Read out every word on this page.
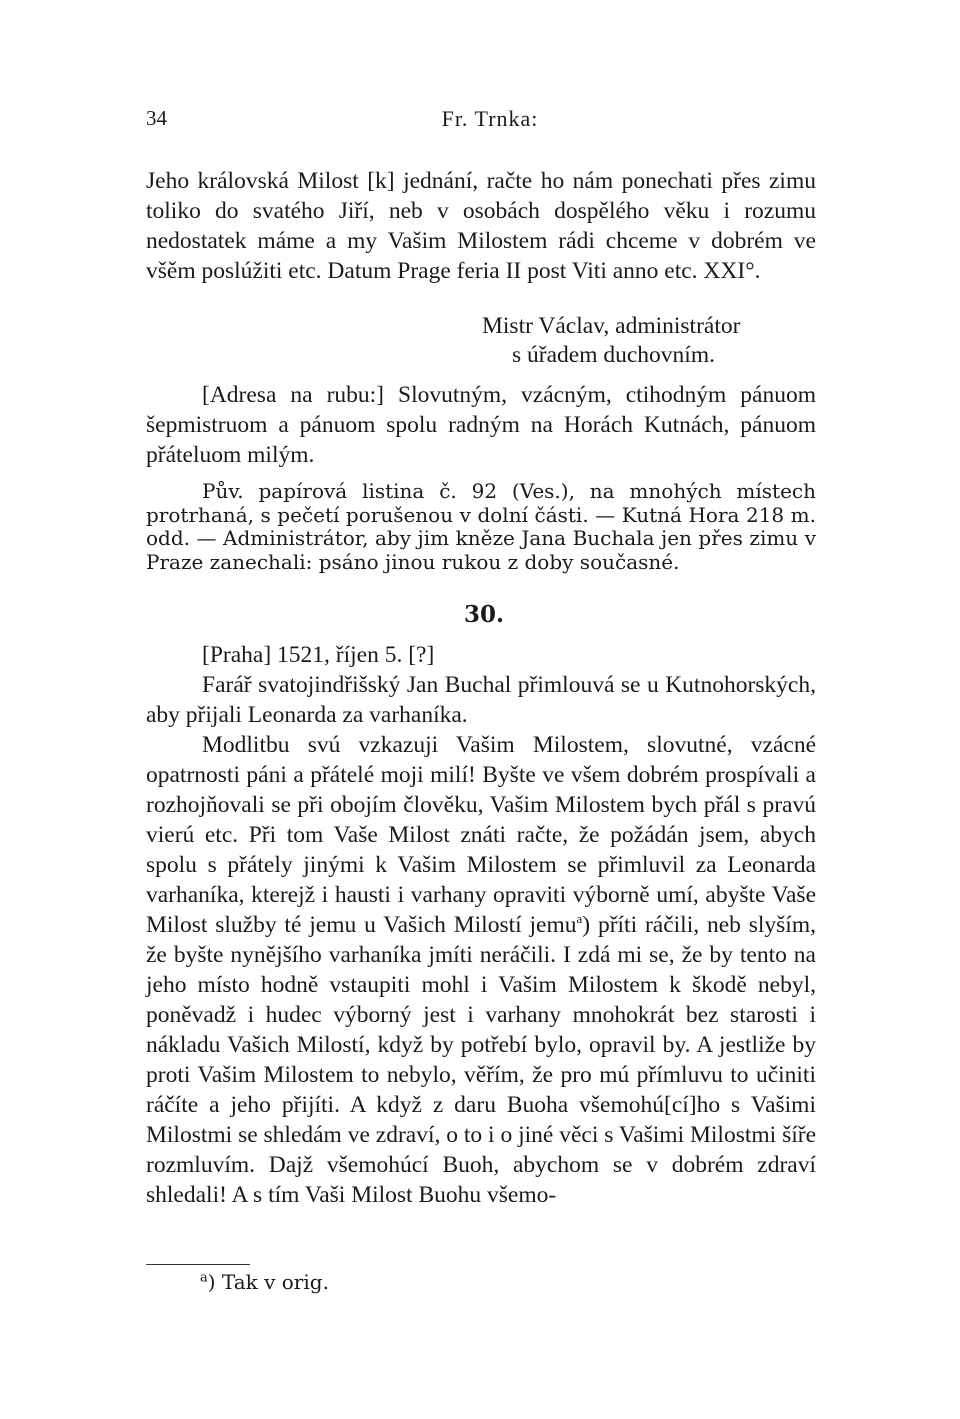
34	Fr. Trnka:

Jeho královská Milost [k] jednání, račte ho nám ponechati přes zimu toliko do svatého Jiří, neb v osobách dospělého věku i rozumu nedostatek máme a my Vašim Milostem rádi chceme v dobrém ve všěm poslúžiti etc. Datum Prage feria II post Viti anno etc. XXI°.

Mistr Václav, administrátor
s úřadem duchovním.

[Adresa na rubu:] Slovutným, vzácným, ctihodným pánuom šepmistruom a pánuom spolu radným na Horách Kutnách, pánuom přáteluom milým.

Pův. papírová listina č. 92 (Ves.), na mnohých místech protrhaná, s pečetí porušenou v dolní části. — Kutná Hora 218 m. odd. — Administrátor, aby jim kněze Jana Buchala jen přes zimu v Praze zanechali: psáno jinou rukou z doby současné.

30.

[Praha] 1521, říjen 5. [?]

Farář svatojindřišský Jan Buchal přimlouvá se u Kutnohorských, aby přijali Leonarda za varhaníka.

Modlitbu svú vzkazuji Vašim Milostem, slovutné, vzácné opatrnosti páni a přátelé moji milí! Byšte ve všem dobrém prospívali a rozhojňovali se při obojím člověku, Vašim Milostem bych přál s pravú vierú etc. Při tom Vaše Milost znáti račte, že požádán jsem, abych spolu s přátely jinými k Vašim Milostem se přimluvil za Leonarda varhaníka, kterejž i hausti i varhany opraviti výborně umí, abyšte Vaše Milost služby té jemu u Vašich Milostí jemu$^a$) příti ráčili, neb slyším, že byšte nynějšího varhaníka jmíti neráčili. I zdá mi se, že by tento na jeho místo hodně vstaupiti mohl i Vašim Milostem k škodě nebyl, poněvadž i hudec výborný jest i varhany mnohokrát bez starosti i nákladu Vašich Milostí, když by potřebí bylo, opravil by. A jestliže by proti Vašim Milostem to nebylo, věřím, že pro mú přímluvu to učiniti ráčíte a jeho přijíti. A když z daru Buoha všemohú[cí]ho s Vašimi Milostmi se shledám ve zdraví, o to i o jiné věci s Vašimi Milostmi šíře rozmluvím. Dajž všemohúcí Buoh, abychom se v dobrém zdraví shledali! A s tím Vaši Milost Buohu všemo-

$^a$) Tak v orig.
